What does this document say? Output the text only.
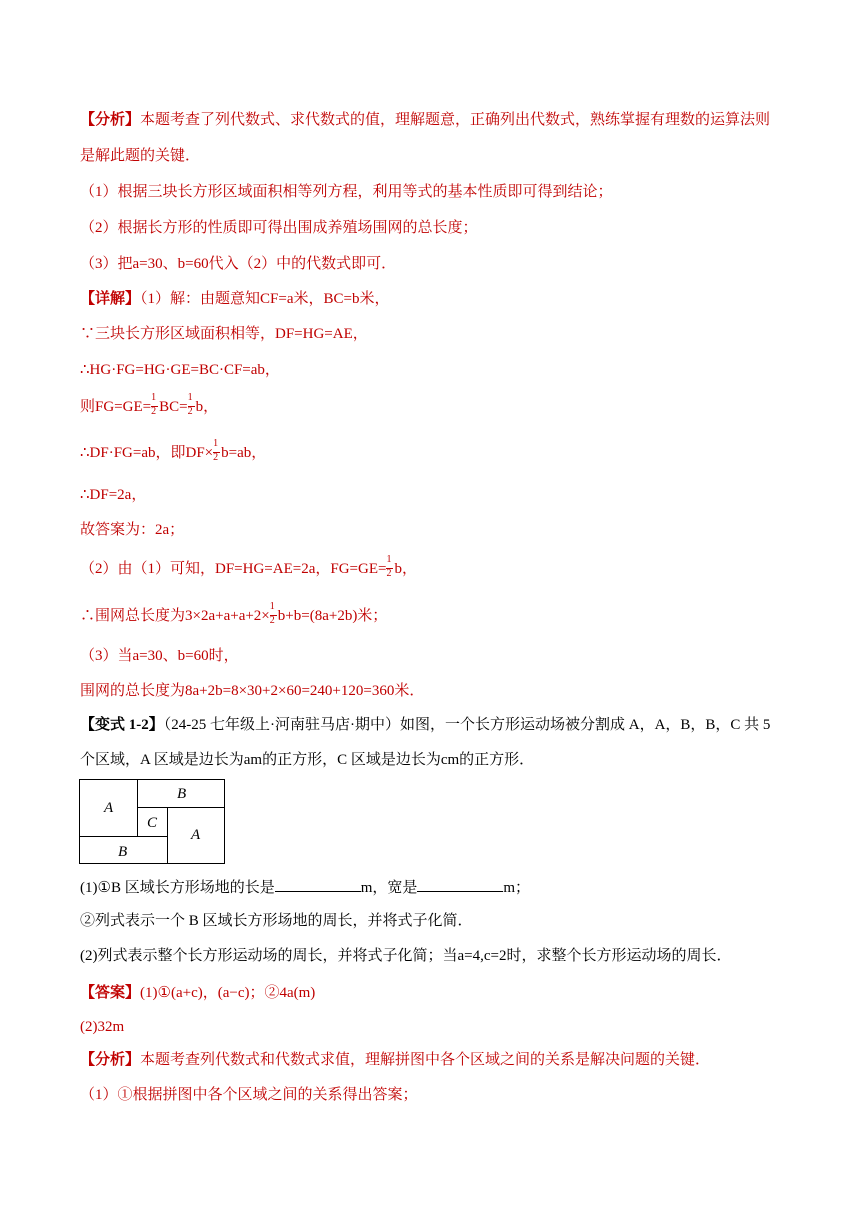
【分析】本题考查了列代数式、求代数式的值，理解题意，正确列出代数式，熟练掌握有理数的运算法则
是解此题的关键．
（1）根据三块长方形区域面积相等列方程，利用等式的基本性质即可得到结论；
（2）根据长方形的性质即可得出围成养殖场围网的总长度；
（3）把a=30、b=60代入（2）中的代数式即可．
【详解】（1）解：由题意知CF=a米，BC=b米，
∵三块长方形区域面积相等，DF=HG=AE，
∴HG·FG=HG·GE=BC·CF=ab，
则$FG=GE= \frac{1}{2} BC= \frac{1}{2}$ b，
∴DF·FG=ab，即$DF\times \frac{1}{2} b=ab$，
∴DF=2a，
故答案为：2a；
（2）由（1）可知，DF=HG=AE=2a，$FG=GE= \frac{1}{2}$ b，
∴围网总长度为$3\times 2a+a+a+2\times \frac{1}{2} b+b=(8a+2b)$米；
（3）当a=30、b=60时，
围网的总长度为8a+2b=8×30+2×60=240+120=360米．
【变式 1-2】（24-25 七年级上·河南驻马店·期中）如图，一个长方形运动场被分割成 A，A，B，B，C 共 5
个区域，A 区域是边长为am的正方形，C 区域是边长为cm的正方形．
A
B
C
A
B
(1)①B 区域长方形场地的长是	m，宽是	m；
②列式表示一个 B 区域长方形场地的周长，并将式子化简．
(2)列式表示整个长方形运动场的周长，并将式子化简；当a=4,c=2时，求整个长方形运动场的周长．
【答案】(1)①(a+c)，(a−c)；②4a(m)
(2)32m
【分析】本题考查列代数式和代数式求值，理解拼图中各个区域之间的关系是解决问题的关键．
（1）①根据拼图中各个区域之间的关系得出答案；
